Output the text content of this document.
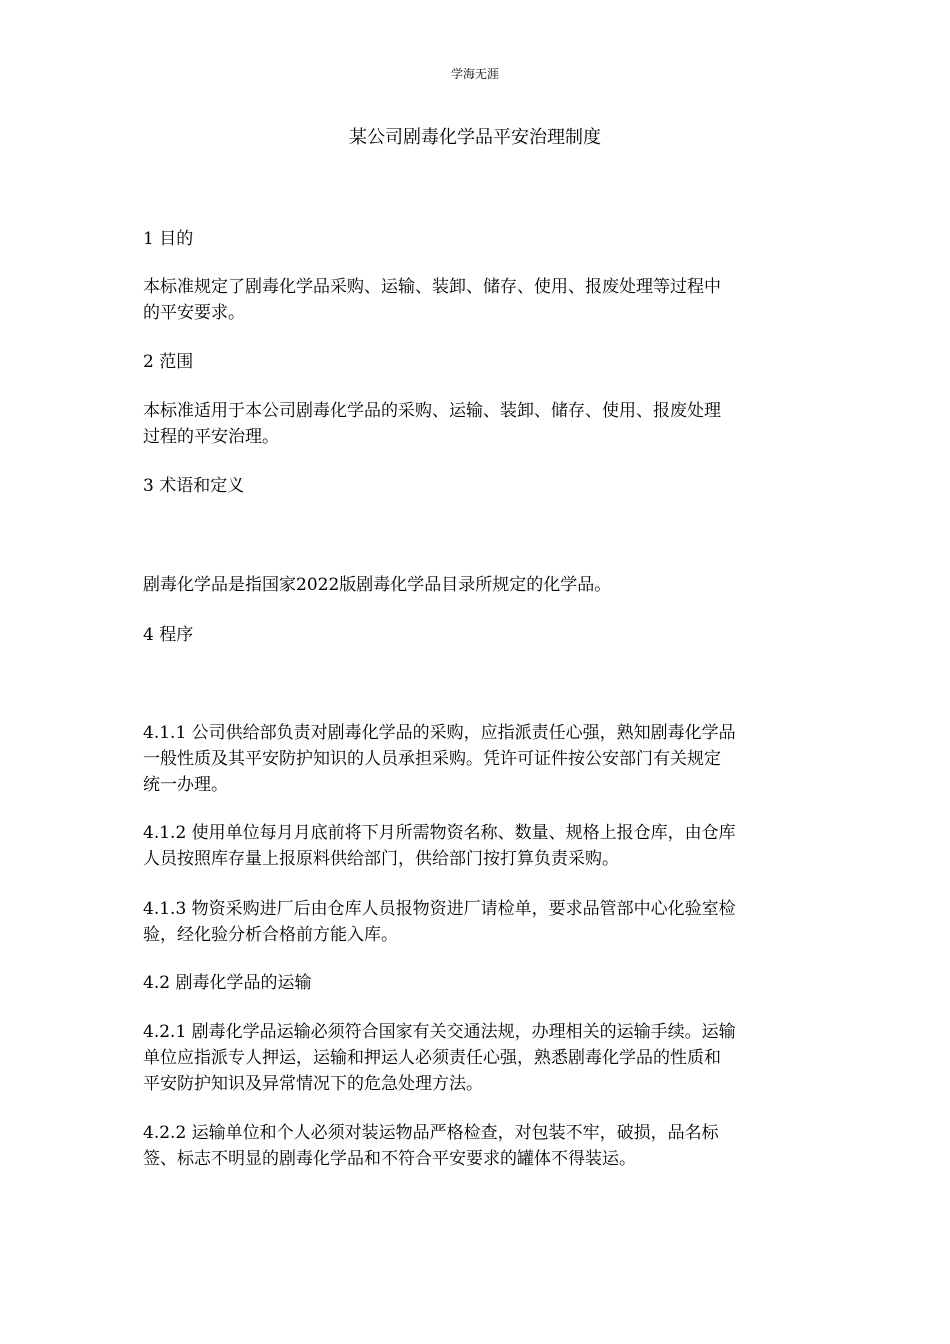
学海无涯
某公司剧毒化学品平安治理制度
1 目的
本标准规定了剧毒化学品采购、运输、装卸、储存、使用、报废处理等过程中
的平安要求。
2 范围
本标准适用于本公司剧毒化学品的采购、运输、装卸、储存、使用、报废处理
过程的平安治理。
3 术语和定义
剧毒化学品是指国家2022版剧毒化学品目录所规定的化学品。
4 程序
4.1.1 公司供给部负责对剧毒化学品的采购，应指派责任心强，熟知剧毒化学品
一般性质及其平安防护知识的人员承担采购。凭许可证件按公安部门有关规定
统一办理。
4.1.2 使用单位每月月底前将下月所需物资名称、数量、规格上报仓库，由仓库
人员按照库存量上报原料供给部门，供给部门按打算负责采购。
4.1.3 物资采购进厂后由仓库人员报物资进厂请检单，要求品管部中心化验室检
验，经化验分析合格前方能入库。
4.2 剧毒化学品的运输
4.2.1 剧毒化学品运输必须符合国家有关交通法规，办理相关的运输手续。运输
单位应指派专人押运，运输和押运人必须责任心强，熟悉剧毒化学品的性质和
平安防护知识及异常情况下的危急处理方法。
4.2.2 运输单位和个人必须对装运物品严格检查，对包装不牢，破损，品名标
签、标志不明显的剧毒化学品和不符合平安要求的罐体不得装运。
